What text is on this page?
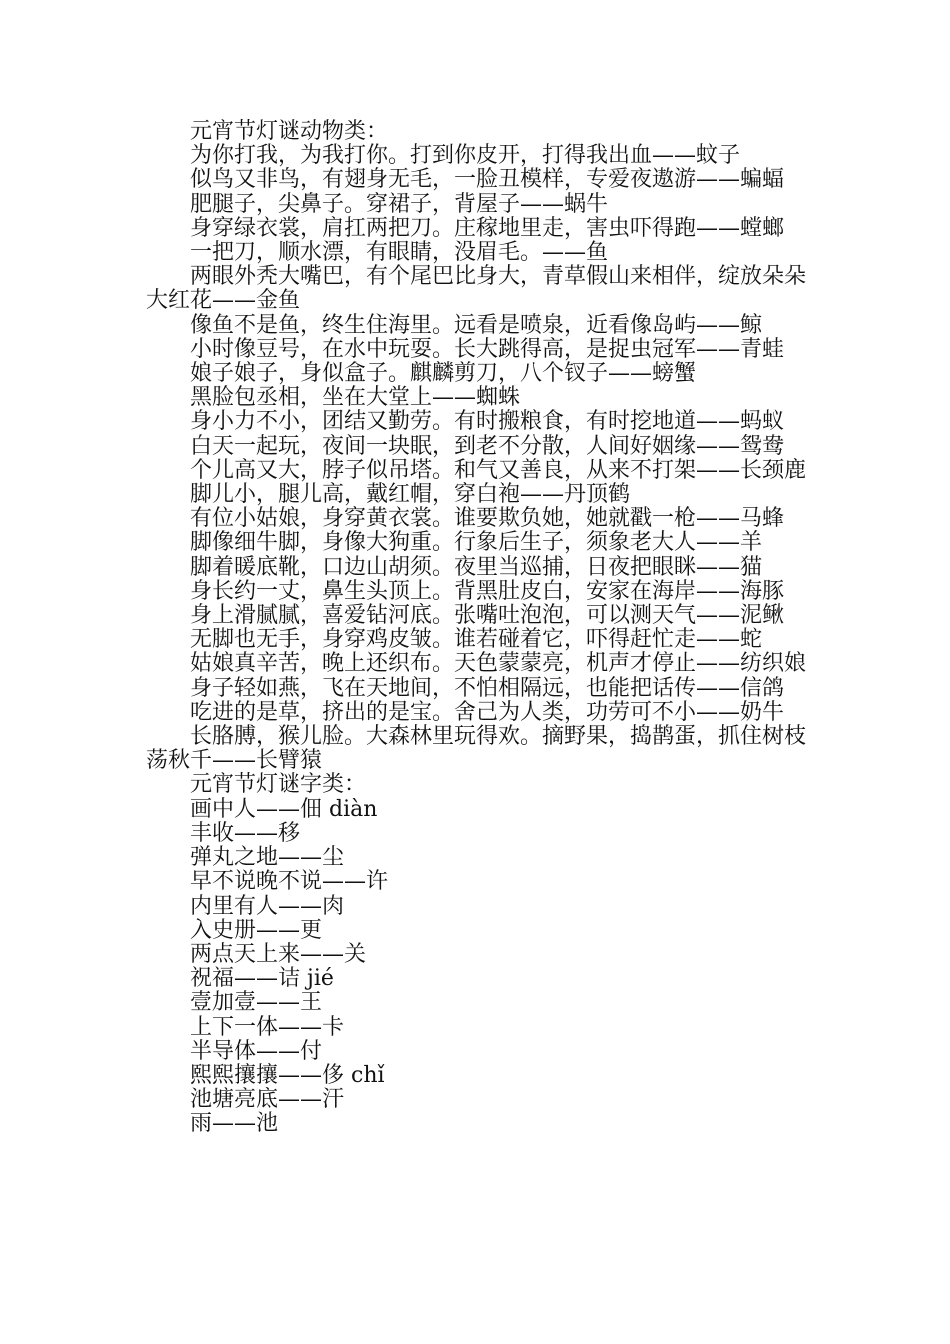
元宵节灯谜动物类：

为你打我，为我打你。打到你皮开，打得我出血——蚊子

似鸟又非鸟，有翅身无毛，一脸丑模样，专爱夜遨游——蝙蝠

肥腿子，尖鼻子。穿裙子，背屋子——蜗牛

身穿绿衣裳，肩扛两把刀。庄稼地里走，害虫吓得跑——螳螂

一把刀，顺水漂，有眼睛，没眉毛。——鱼

两眼外秃大嘴巴，有个尾巴比身大，青草假山来相伴，绽放朵朵大红花——金鱼

像鱼不是鱼，终生住海里。远看是喷泉，近看像岛屿——鲸

小时像豆号，在水中玩耍。长大跳得高，是捉虫冠军——青蛙

娘子娘子，身似盒子。麒麟剪刀，八个钗子——螃蟹

黑脸包丞相，坐在大堂上——蜘蛛

身小力不小，团结又勤劳。有时搬粮食，有时挖地道——蚂蚁

白天一起玩，夜间一块眠，到老不分散，人间好姻缘——鸳鸯

个儿高又大，脖子似吊塔。和气又善良，从来不打架——长颈鹿

脚儿小，腿儿高，戴红帽，穿白袍——丹顶鹤

有位小姑娘，身穿黄衣裳。谁要欺负她，她就戳一枪——马蜂

脚像细牛脚，身像大狗重。行象后生子，须象老大人——羊

脚着暖底靴，口边山胡须。夜里当巡捕，日夜把眼眯——猫

身长约一丈，鼻生头顶上。背黑肚皮白，安家在海岸——海豚

身上滑腻腻，喜爱钻河底。张嘴吐泡泡，可以测天气——泥鳅

无脚也无手，身穿鸡皮皱。谁若碰着它，吓得赶忙走——蛇

姑娘真辛苦，晚上还织布。天色蒙蒙亮，机声才停止——纺织娘

身子轻如燕，飞在天地间，不怕相隔远，也能把话传——信鸽

吃进的是草，挤出的是宝。舍己为人类，功劳可不小——奶牛

长胳膊，猴儿脸。大森林里玩得欢。摘野果，捣鹊蛋，抓住树枝荡秋千——长臂猿

元宵节灯谜字类：

画中人——佃 diàn

丰收——移

弹丸之地——尘

早不说晚不说——许

内里有人——肉

入史册——更

两点天上来——关

祝福——诘 jié

壹加壹——王

上下一体——卡

半导体——付

熙熙攘攘——侈 chǐ

池塘亮底——汗

雨——池
